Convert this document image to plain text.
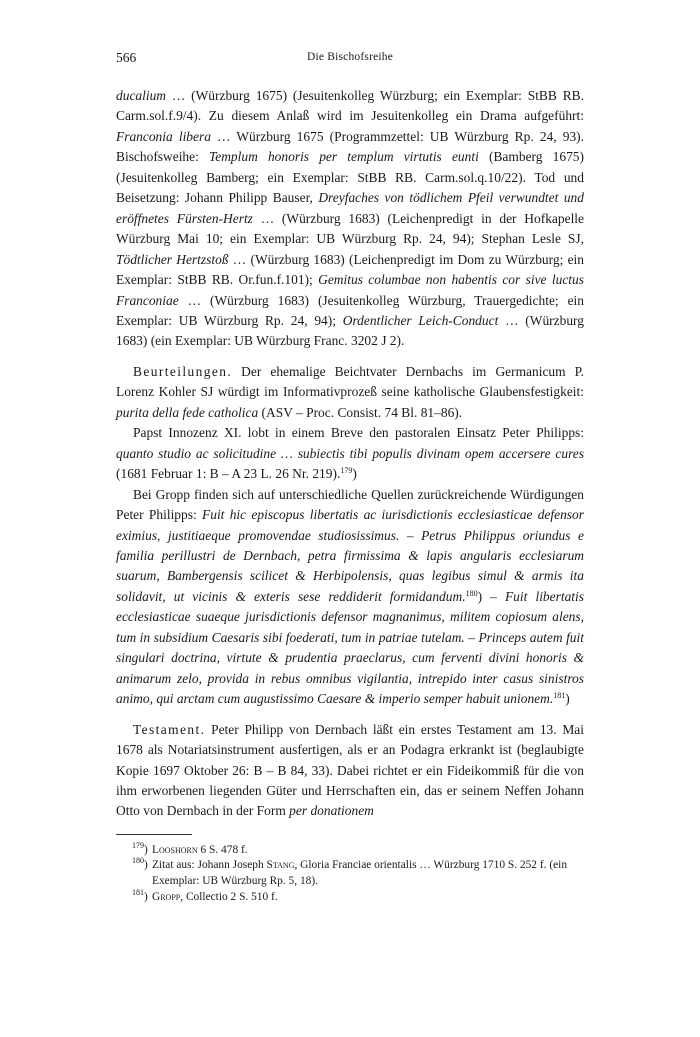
566	Die Bischofsreihe

ducalium … (Würzburg 1675) (Jesuitenkolleg Würzburg; ein Exemplar: StBB RB. Carm.sol.f.9/4). Zu diesem Anlaß wird im Jesuitenkolleg ein Drama aufgeführt: Franconia libera … Würzburg 1675 (Programmzettel: UB Würzburg Rp. 24, 93). Bischofsweihe: Templum honoris per templum virtutis eunti (Bamberg 1675) (Jesuitenkolleg Bamberg; ein Exemplar: StBB RB. Carm.sol.q.10/22). Tod und Beisetzung: Johann Philipp Bauser, Dreyfaches von tödlichem Pfeil verwundtet und eröffnetes Fürsten-Hertz … (Würzburg 1683) (Leichenpredigt in der Hofkapelle Würzburg Mai 10; ein Exemplar: UB Würzburg Rp. 24, 94); Stephan Lesle SJ, Tödtlicher Hertzstoß … (Würzburg 1683) (Leichenpredigt im Dom zu Würzburg; ein Exemplar: StBB RB. Or.fun.f.101); Gemitus columbae non habentis cor sive luctus Franconiae … (Würzburg 1683) (Jesuitenkolleg Würzburg, Trauergedichte; ein Exemplar: UB Würzburg Rp. 24, 94); Ordentlicher Leich-Conduct … (Würzburg 1683) (ein Exemplar: UB Würzburg Franc. 3202 J 2).

Beurteilungen. Der ehemalige Beichtvater Dernbachs im Germanicum P. Lorenz Kohler SJ würdigt im Informativprozeß seine katholische Glaubensfestigkeit: purita della fede catholica (ASV – Proc. Consist. 74 Bl. 81–86).

Papst Innozenz XI. lobt in einem Breve den pastoralen Einsatz Peter Philipps: quanto studio ac solicitudine … subiectis tibi populis divinam opem accersere cures (1681 Februar 1: B – A 23 L. 26 Nr. 219).$^{179}$)

Bei Gropp finden sich auf unterschiedliche Quellen zurückreichende Würdigungen Peter Philipps: Fuit hic episcopus libertatis ac iurisdictionis ecclesiasticae defensor eximius, justitiaeque promovendae studiosissimus. – Petrus Philippus oriundus e familia perillustri de Dernbach, petra firmissima & lapis angularis ecclesiarum suarum, Bambergensis scilicet & Herbipolensis, quas legibus simul & armis ita solidavit, ut vicinis & exteris sese reddiderit formidandum.$^{180}$) – Fuit libertatis ecclesiasticae suaeque jurisdictionis defensor magnanimus, militem copiosum alens, tum in subsidium Caesaris sibi foederati, tum in patriae tutelam. – Princeps autem fuit singulari doctrina, virtute & prudentia praeclarus, cum ferventi divini honoris & animarum zelo, provida in rebus omnibus vigilantia, intrepido inter casus sinistros animo, qui arctam cum augustissimo Caesare & imperio semper habuit unionem.$^{181}$)

Testament. Peter Philipp von Dernbach läßt ein erstes Testament am 13. Mai 1678 als Notariatsinstrument ausfertigen, als er an Podagra erkrankt ist (beglaubigte Kopie 1697 Oktober 26: B – B 84, 33). Dabei richtet er ein Fideikommiß für die von ihm erworbenen liegenden Güter und Herrschaften ein, das er seinem Neffen Johann Otto von Dernbach in der Form per donationem

$^{179}$) Looshorn 6 S. 478 f.
$^{180}$) Zitat aus: Johann Joseph Stang, Gloria Franciae orientalis … Würzburg 1710 S. 252 f. (ein Exemplar: UB Würzburg Rp. 5, 18).
$^{181}$) Gropp, Collectio 2 S. 510 f.
